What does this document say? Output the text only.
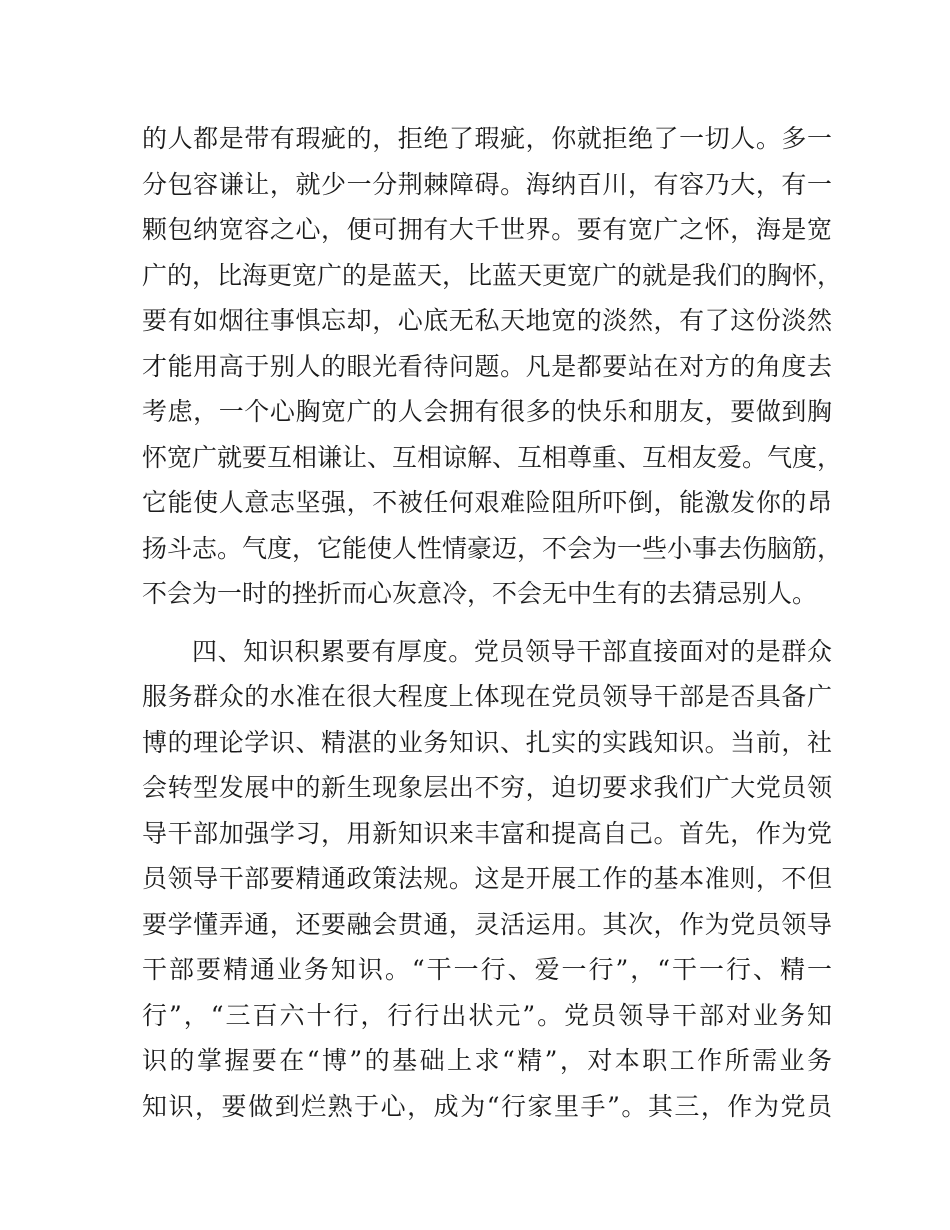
的人都是带有瑕疵的，拒绝了瑕疵，你就拒绝了一切人。多一
分包容谦让，就少一分荆棘障碍。海纳百川，有容乃大，有一
颗包纳宽容之心，便可拥有大千世界。要有宽广之怀，海是宽
广的，比海更宽广的是蓝天，比蓝天更宽广的就是我们的胸怀，
要有如烟往事惧忘却，心底无私天地宽的淡然，有了这份淡然
才能用高于别人的眼光看待问题。凡是都要站在对方的角度去
考虑，一个心胸宽广的人会拥有很多的快乐和朋友，要做到胸
怀宽广就要互相谦让、互相谅解、互相尊重、互相友爱。气度，
它能使人意志坚强，不被任何艰难险阻所吓倒，能激发你的昂
扬斗志。气度，它能使人性情豪迈，不会为一些小事去伤脑筋，
不会为一时的挫折而心灰意冷，不会无中生有的去猜忌别人。
四、知识积累要有厚度。党员领导干部直接面对的是群众
服务群众的水准在很大程度上体现在党员领导干部是否具备广
博的理论学识、精湛的业务知识、扎实的实践知识。当前，社
会转型发展中的新生现象层出不穷，迫切要求我们广大党员领
导干部加强学习，用新知识来丰富和提高自己。首先，作为党
员领导干部要精通政策法规。这是开展工作的基本准则，不但
要学懂弄通，还要融会贯通，灵活运用。其次，作为党员领导
干部要精通业务知识。“干一行、爱一行”，“干一行、精一
行”，“三百六十行，行行出状元”。党员领导干部对业务知
识的掌握要在“博”的基础上求“精”，对本职工作所需业务
知识，要做到烂熟于心，成为“行家里手”。其三，作为党员
